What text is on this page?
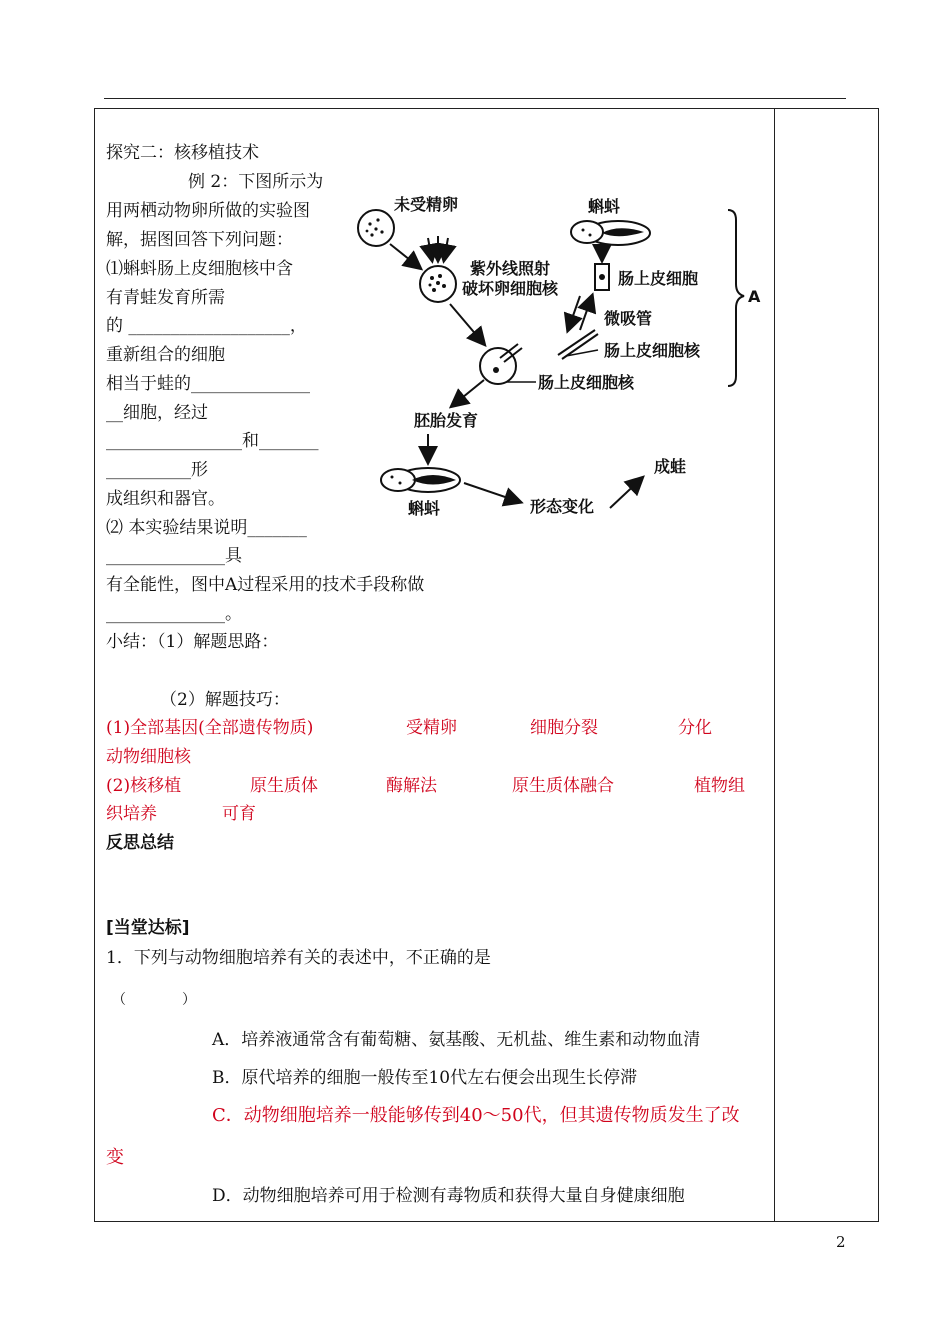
探究二：核移植技术
例 2：下图所示为
用两栖动物卵所做的实验图
解，据图回答下列问题：
⑴蝌蚪肠上皮细胞核中含
有青蛙发育所需
的 ___________________，
重新组合的细胞
相当于蛙的______________
__细胞，经过
________________和_______
__________形
成组织和器官。
⑵ 本实验结果说明_______
______________具
有全能性，图中A过程采用的技术手段称做
______________。
未受精卵
紫外线照射
破坏卵细胞核
蝌蚪
肠上皮细胞
微吸管
肠上皮细胞核
肠上皮细胞核
A
胚胎发育
蝌蚪	形态变化
成蛙
小结：（1）解题思路：
（2）解题技巧：
(1)全部基因(全部遗传物质)	受精卵	细胞分裂	分化
动物细胞核
(2)核移植	原生质体	酶解法	原生质体融合	植物组
织培养	可育
反思总结
[当堂达标]
1．下列与动物细胞培养有关的表述中，不正确的是
（　　　　）
A．培养液通常含有葡萄糖、氨基酸、无机盐、维生素和动物血清
B．原代培养的细胞一般传至10代左右便会出现生长停滞
C．动物细胞培养一般能够传到40～50代，但其遗传物质发生了改
变
D．动物细胞培养可用于检测有毒物质和获得大量自身健康细胞
2
